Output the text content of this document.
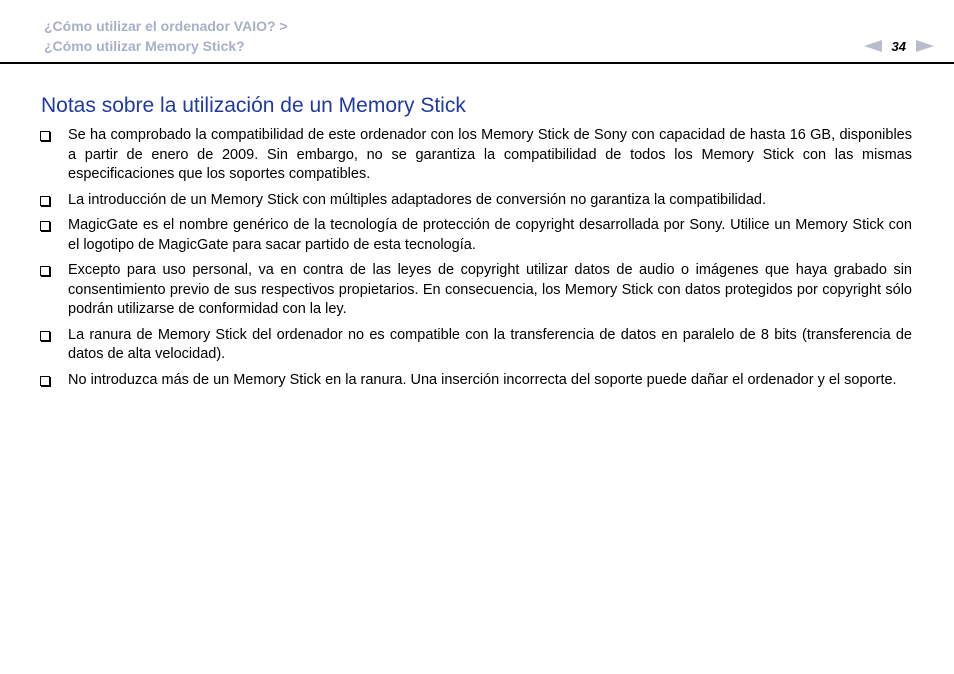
¿Cómo utilizar el ordenador VAIO? >
¿Cómo utilizar Memory Stick?	34
Notas sobre la utilización de un Memory Stick
Se ha comprobado la compatibilidad de este ordenador con los Memory Stick de Sony con capacidad de hasta 16 GB, disponibles a partir de enero de 2009. Sin embargo, no se garantiza la compatibilidad de todos los Memory Stick con las mismas especificaciones que los soportes compatibles.
La introducción de un Memory Stick con múltiples adaptadores de conversión no garantiza la compatibilidad.
MagicGate es el nombre genérico de la tecnología de protección de copyright desarrollada por Sony. Utilice un Memory Stick con el logotipo de MagicGate para sacar partido de esta tecnología.
Excepto para uso personal, va en contra de las leyes de copyright utilizar datos de audio o imágenes que haya grabado sin consentimiento previo de sus respectivos propietarios. En consecuencia, los Memory Stick con datos protegidos por copyright sólo podrán utilizarse de conformidad con la ley.
La ranura de Memory Stick del ordenador no es compatible con la transferencia de datos en paralelo de 8 bits (transferencia de datos de alta velocidad).
No introduzca más de un Memory Stick en la ranura. Una inserción incorrecta del soporte puede dañar el ordenador y el soporte.
